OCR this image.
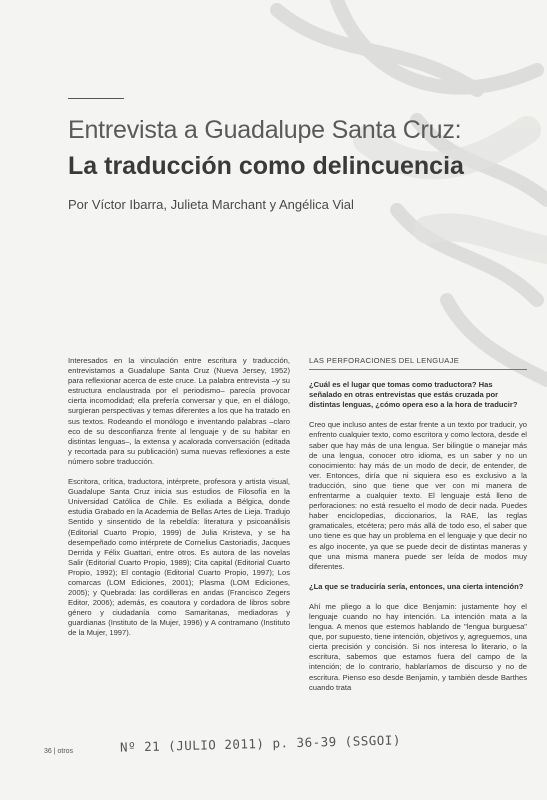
Entrevista a Guadalupe Santa Cruz:
La traducción como delincuencia
Por Víctor Ibarra, Julieta Marchant y Angélica Vial

Interesados en la vinculación entre escritura y traducción, entrevistamos a Guadalupe Santa Cruz (Nueva Jersey, 1952) para reflexionar acerca de este cruce. La palabra entrevista –y su estructura enclaustrada por el periodismo– parecía provocar cierta incomodidad; ella prefería conversar y que, en el diálogo, surgieran perspectivas y temas diferentes a los que ha tratado en sus textos. Rodeando el monólogo e inventando palabras –claro eco de su desconfianza frente al lenguaje y de su habitar en distintas lenguas–, la extensa y acalorada conversación (editada y recortada para su publicación) suma nuevas reflexiones a este número sobre traducción.

Escritora, crítica, traductora, intérprete, profesora y artista visual, Guadalupe Santa Cruz inicia sus estudios de Filosofía en la Universidad Católica de Chile. Es exiliada a Bélgica, donde estudia Grabado en la Academia de Bellas Artes de Lieja. Tradujo Sentido y sinsentido de la rebeldía: literatura y psicoanálisis (Editorial Cuarto Propio, 1999) de Julia Kristeva, y se ha desempeñado como intérprete de Cornelius Castoriadis, Jacques Derrida y Félix Guattari, entre otros. Es autora de las novelas Salir (Editorial Cuarto Propio, 1989); Cita capital (Editorial Cuarto Propio, 1992); El contagio (Editorial Cuarto Propio, 1997); Los comarcas (LOM Ediciones, 2001); Plasma (LOM Ediciones, 2005); y Quebrada: las cordilleras en andas (Francisco Zegers Editor, 2006); además, es coautora y cordadora de libros sobre género y ciudadanía como Samaritanas, mediadoras y guardianas (Instituto de la Mujer, 1996) y A contramano (Instituto de la Mujer, 1997).

LAS PERFORACIONES DEL LENGUAJE

¿Cuál es el lugar que tomas como traductora? Has señalado en otras entrevistas que estás cruzada por distintas lenguas, ¿cómo opera eso a la hora de traducir?

Creo que incluso antes de estar frente a un texto por traducir, yo enfrento cualquier texto, como escritora y como lectora, desde el saber que hay más de una lengua. Ser bilingüe o manejar más de una lengua, conocer otro idioma, es un saber y no un conocimiento: hay más de un modo de decir, de entender, de ver. Entonces, diría que ni siquiera eso es exclusivo a la traducción, sino que tiene que ver con mi manera de enfrentarme a cualquier texto. El lenguaje está lleno de perforaciones: no está resuelto el modo de decir nada. Puedes haber enciclopedias, diccionarios, la RAE, las reglas gramaticales, etcétera; pero más allá de todo eso, el saber que uno tiene es que hay un problema en el lenguaje y que decir no es algo inocente, ya que se puede decir de distintas maneras y que una misma manera puede ser leída de modos muy diferentes.

¿La que se traduciría sería, entonces, una cierta intención?

Ahí me pliego a lo que dice Benjamin: justamente hoy el lenguaje cuando no hay intención. La intención mata a la lengua. A menos que estemos hablando de "lengua burguesa" que, por supuesto, tiene intención, objetivos y, agreguemos, una cierta precisión y concisión. Si nos interesa lo literario, o la escritura, sabemos que estamos fuera del campo de la intención; de lo contrario, hablaríamos de discurso y no de escritura. Pienso eso desde Benjamin, y también desde Barthes cuando trata

36 | otros	Nº 21 (JULIO 2011) p. 36-39 (SSGOI)
